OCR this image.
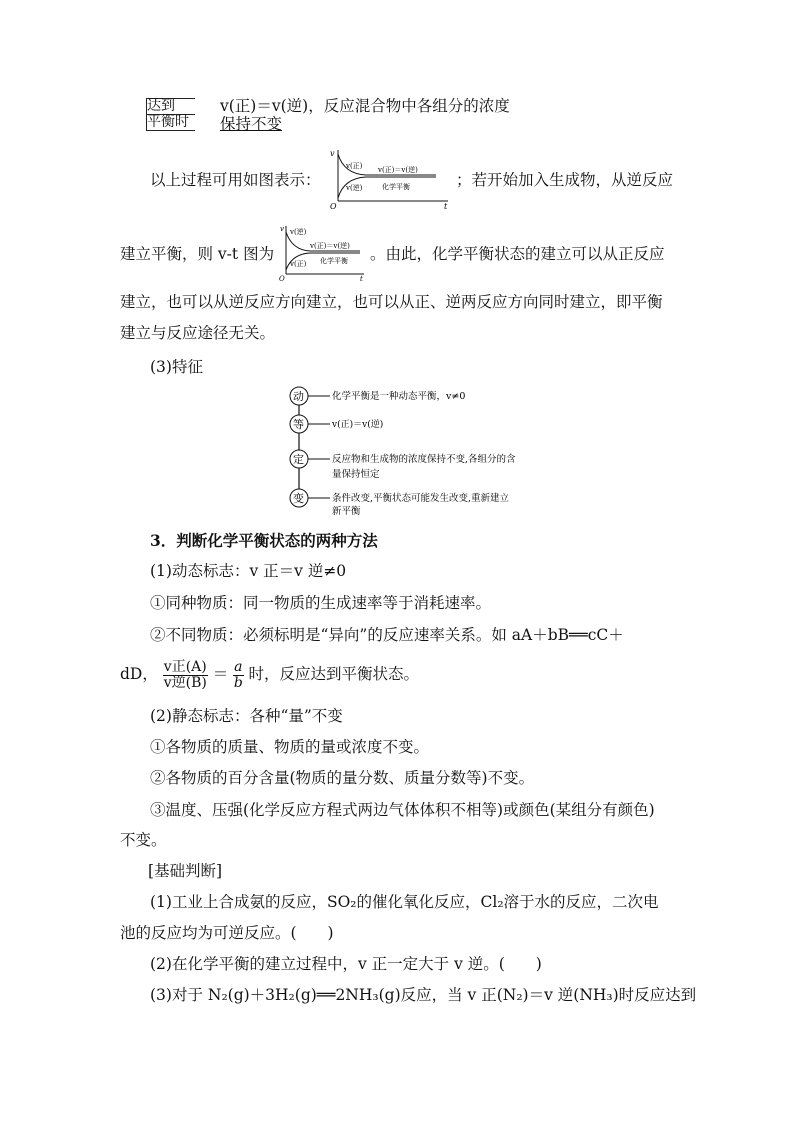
达到
平衡时
v(正)＝v(逆)，反应混合物中各组分的浓度
保持不变
以上过程可用如图表示：
v
t
O
v(正) v(正)＝v(逆)
v(逆)	化学平衡	；若开始加入生成物，从逆反应
建立平衡，则 v-t 图为
v
t
O
v(逆)
v(正)＝v(逆)
v(正) 化学平衡 。由此，化学平衡状态的建立可以从正反应
建立，也可以从逆反应方向建立，也可以从正、逆两反应方向同时建立，即平衡
建立与反应途径无关。
(3)特征
动
等
定
变
化学平衡是一种动态平衡，v≠0
v(正)＝v(逆)
反应物和生成物的浓度保持不变,各组分的含
量保持恒定
条件改变,平衡状态可能发生改变,重新建立
新平衡
3．判断化学平衡状态的两种方法
(1)动态标志：v 正＝v 逆≠0
①同种物质：同一物质的生成速率等于消耗速率。
②不同物质：必须标明是“异向”的反应速率关系。如 aA＋bB══cC＋
dD， $\frac{\text{v正(A)}}{\text{v逆(B)}} = \frac{a}{b}$ 时，反应达到平衡状态。
(2)静态标志：各种“量”不变
①各物质的质量、物质的量或浓度不变。
②各物质的百分含量(物质的量分数、质量分数等)不变。
③温度、压强(化学反应方程式两边气体体积不相等)或颜色(某组分有颜色)
不变。
[基础判断]
(1)工业上合成氨的反应，SO₂的催化氧化反应，Cl₂溶于水的反应，二次电
池的反应均为可逆反应。(　　)
(2)在化学平衡的建立过程中，v 正一定大于 v 逆。(　　)
(3)对于 N₂(g)＋3H₂(g)══2NH₃(g)反应，当 v 正(N₂)＝v 逆(NH₃)时反应达到
